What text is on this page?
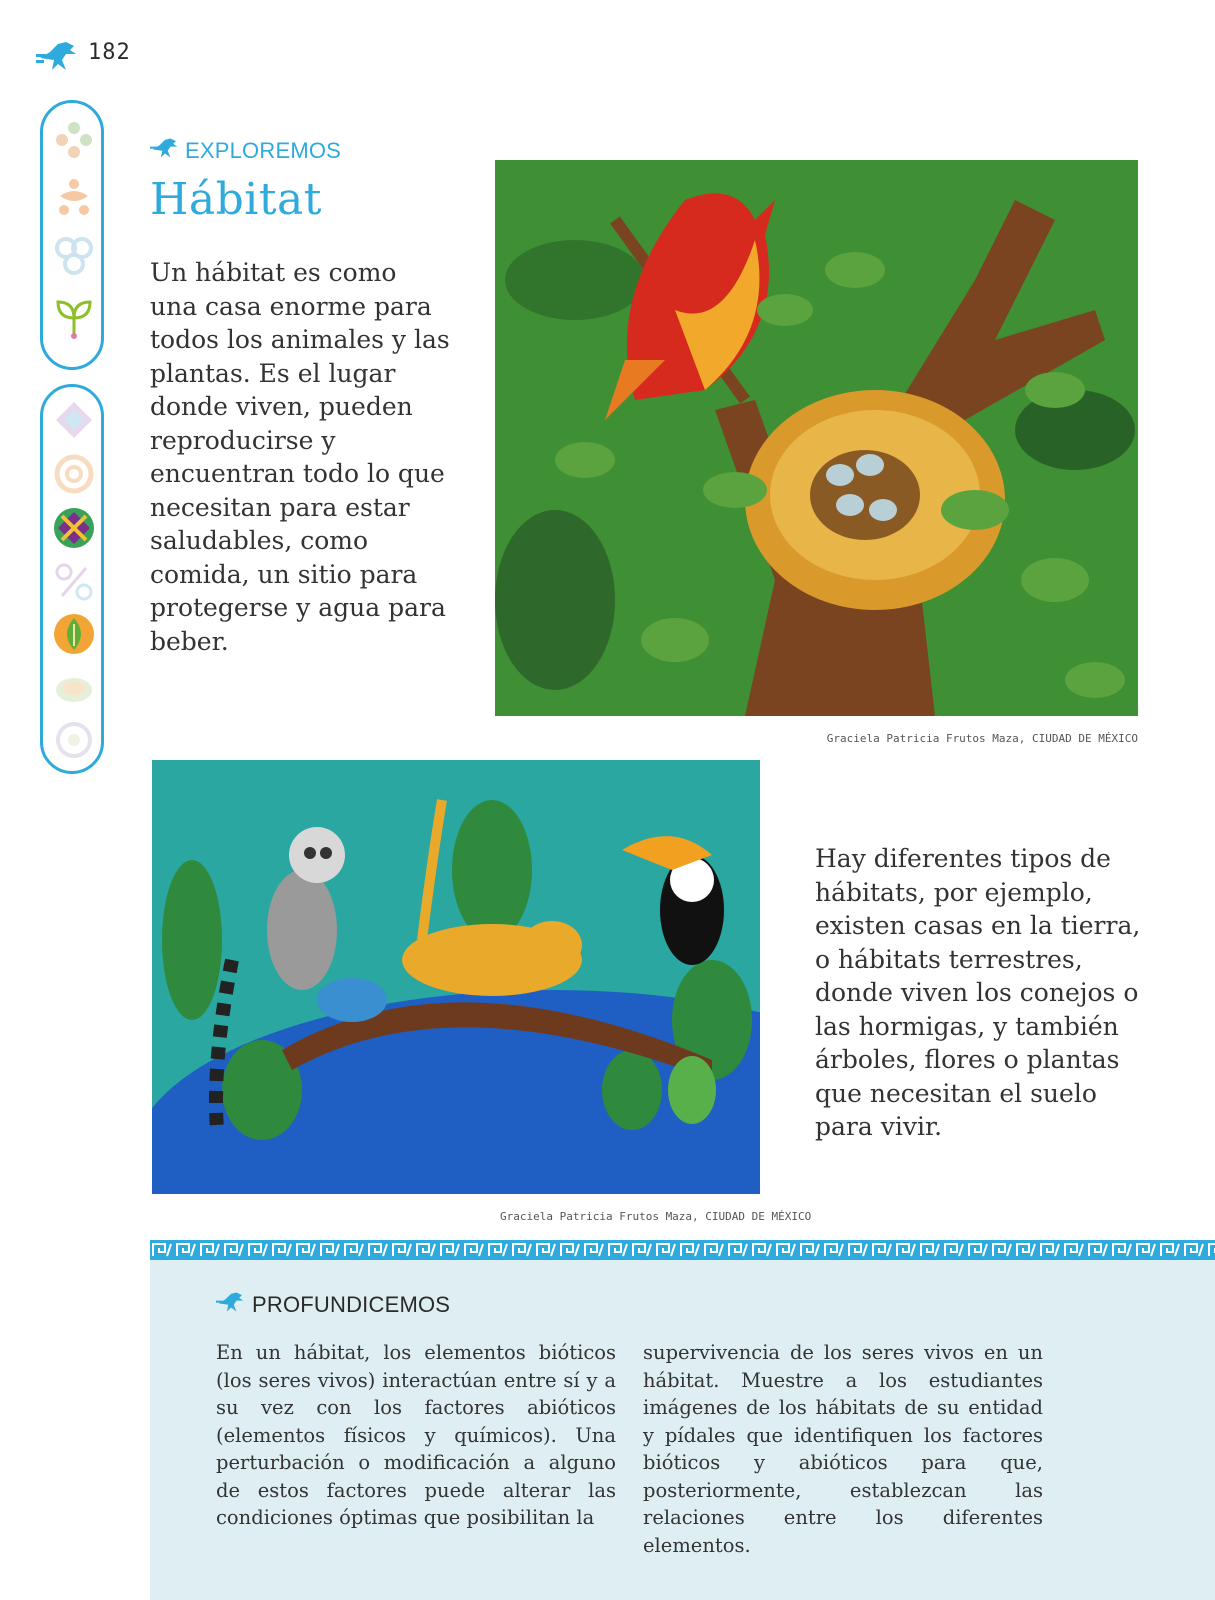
182
EXPLOREMOS
Hábitat

Un hábitat es como una casa enorme para todos los animales y las plantas. Es el lugar donde viven, pueden reproducirse y encuentran todo lo que necesitan para estar saludables, como comida, un sitio para protegerse y agua para beber.

Graciela Patricia Frutos Maza, CIUDAD DE MÉXICO
Graciela Patricia Frutos Maza, CIUDAD DE MÉXICO

Hay diferentes tipos de hábitats, por ejemplo, existen casas en la tierra, o hábitats terrestres, donde viven los conejos o las hormigas, y también árboles, flores o plantas que necesitan el suelo para vivir.

PROFUNDICEMOS

En un hábitat, los elementos bióticos (los seres vivos) interactúan entre sí y a su vez con los factores abióticos (elementos físicos y químicos). Una perturbación o modificación a alguno de estos factores puede alterar las condiciones óptimas que posibilitan la

supervivencia de los seres vivos en un hábitat. Muestre a los estudiantes imágenes de los hábitats de su entidad y pídales que identifiquen los factores bióticos y abióticos para que, posteriormente, establezcan las relaciones entre los diferentes elementos.
